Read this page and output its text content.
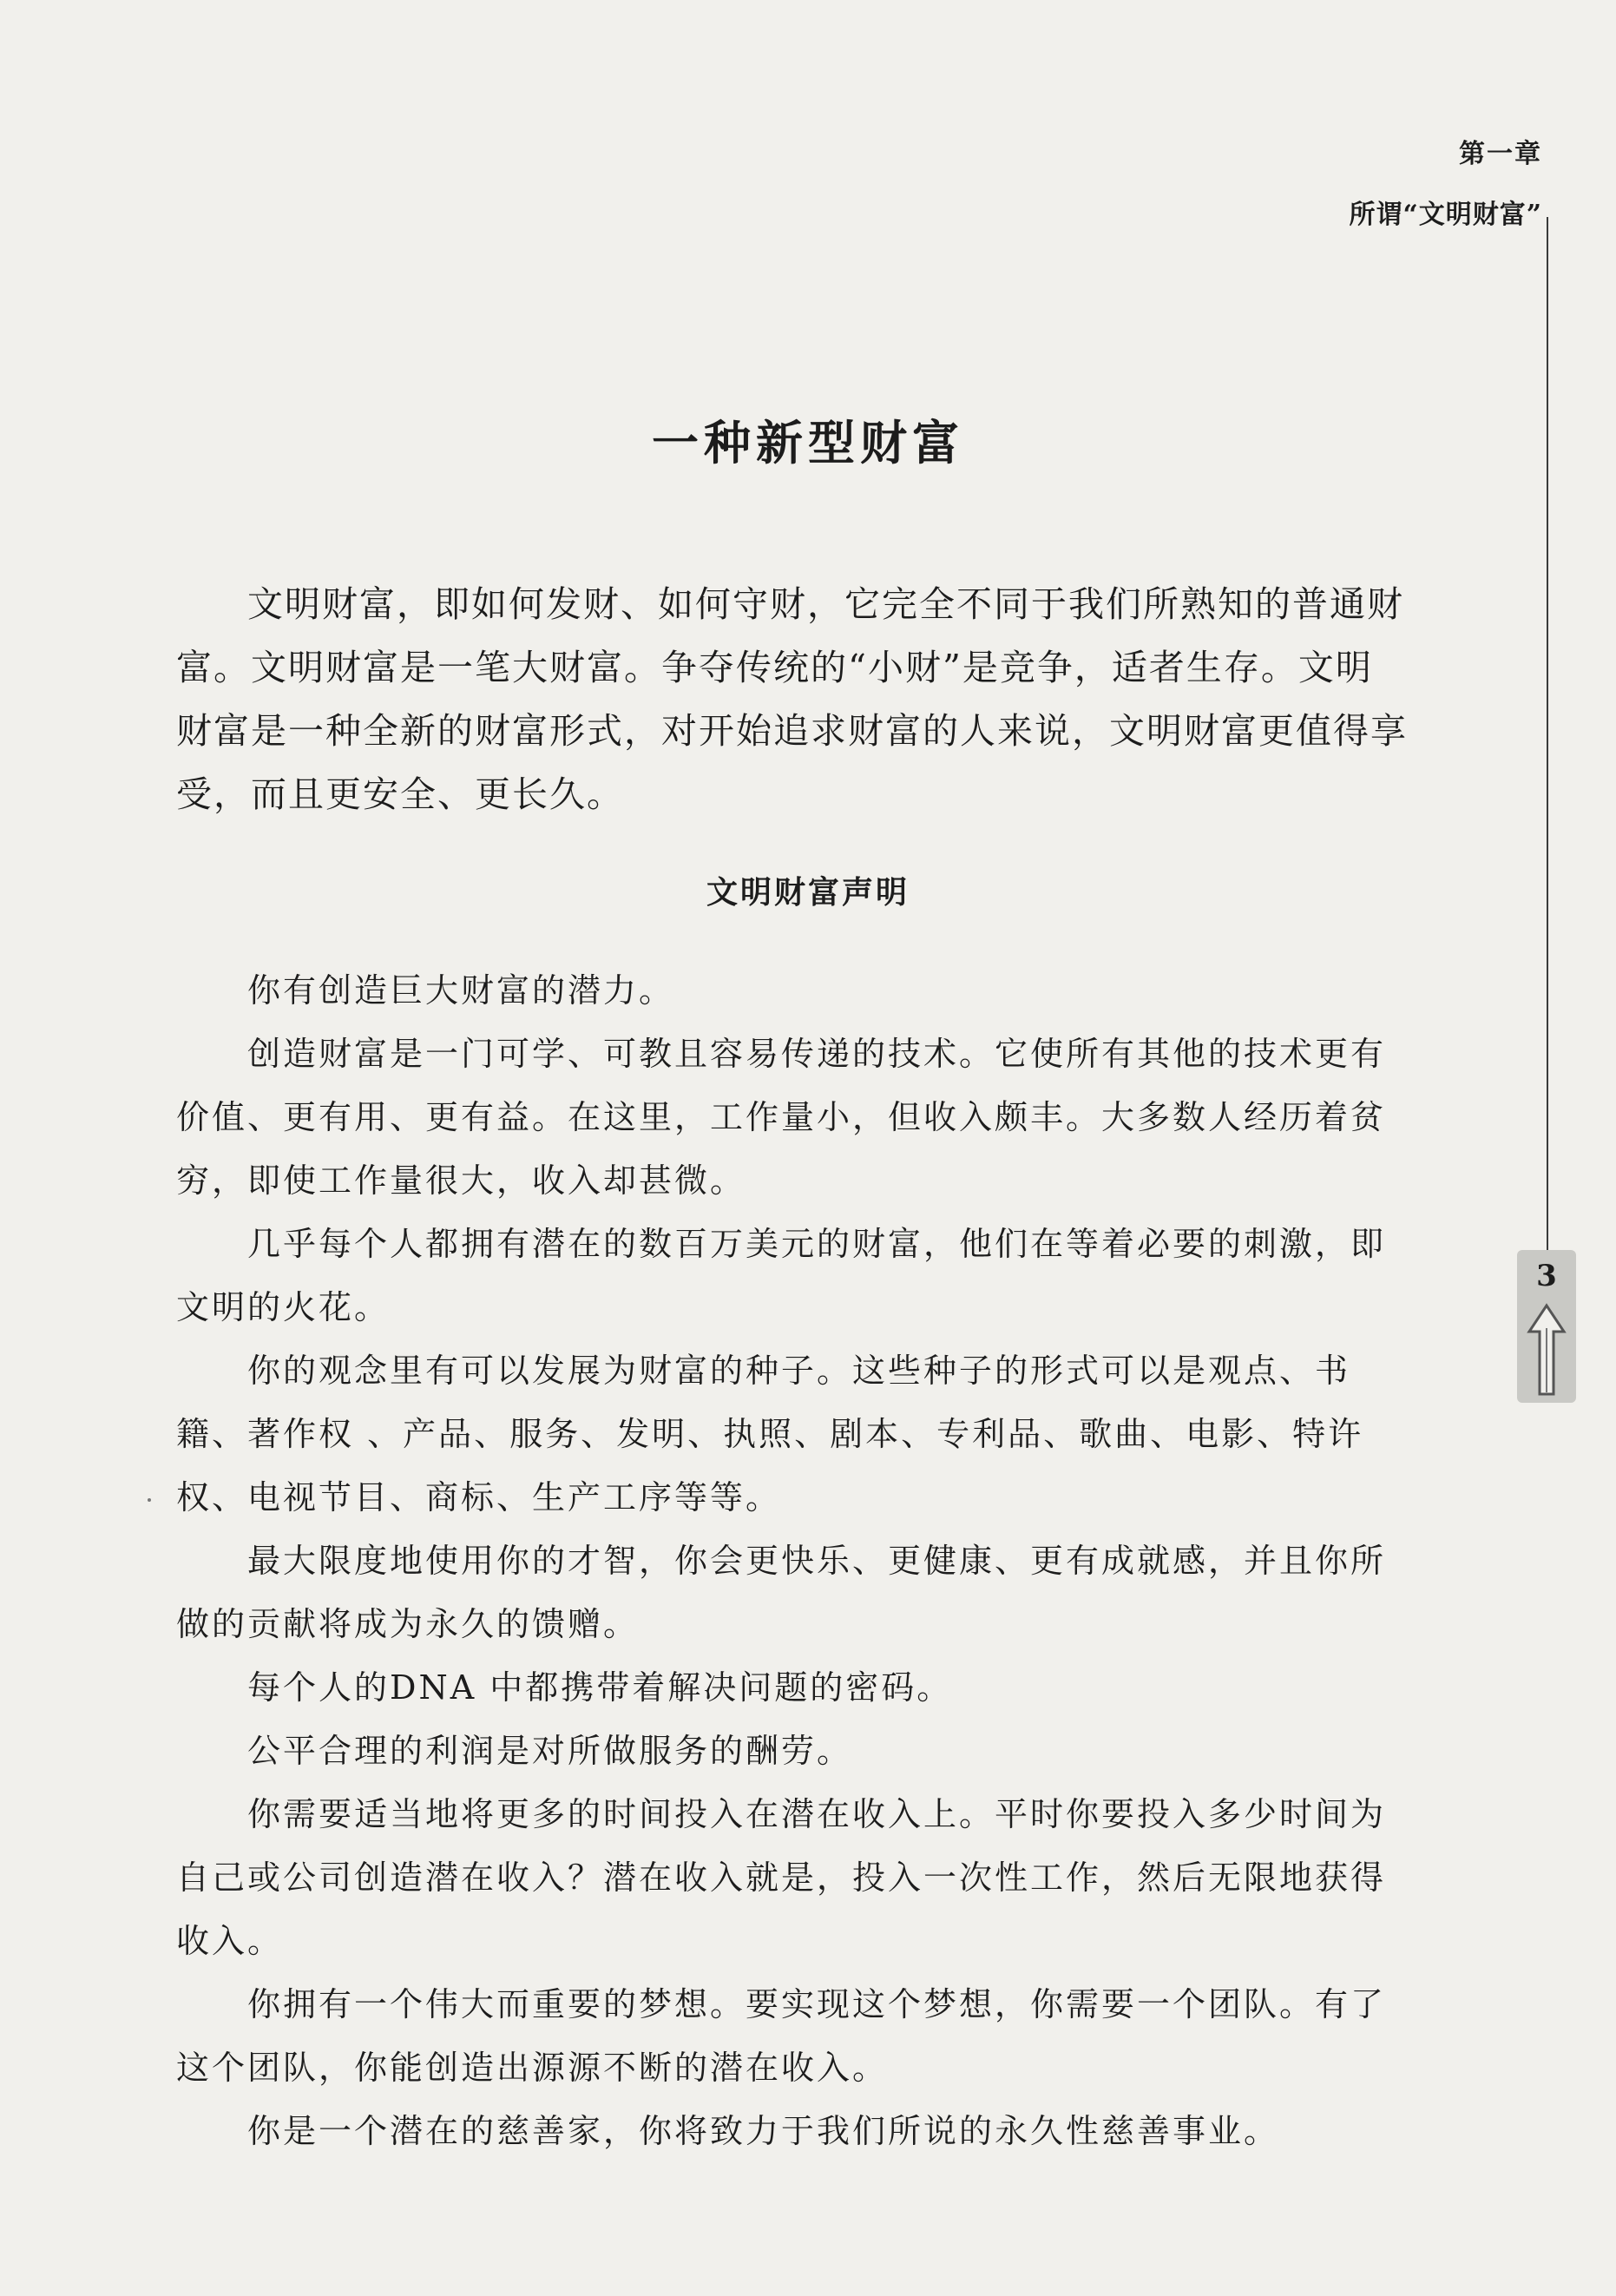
第一章
所谓“文明财富”
3
一种新型财富

文明财富，即如何发财、如何守财，它完全不同于我们所熟知的普通财富。文明财富是一笔大财富。争夺传统的“小财”是竞争，适者生存。文明财富是一种全新的财富形式，对开始追求财富的人来说，文明财富更值得享受，而且更安全、更长久。

文明财富声明

你有创造巨大财富的潜力。

创造财富是一门可学、可教且容易传递的技术。它使所有其他的技术更有价值、更有用、更有益。在这里，工作量小，但收入颇丰。大多数人经历着贫穷，即使工作量很大，收入却甚微。

几乎每个人都拥有潜在的数百万美元的财富，他们在等着必要的刺激，即文明的火花。

你的观念里有可以发展为财富的种子。这些种子的形式可以是观点、书籍、著作权 、产品、服务、发明、执照、剧本、专利品、歌曲、电影、特许权、电视节目、商标、生产工序等等。

最大限度地使用你的才智，你会更快乐、更健康、更有成就感，并且你所做的贡献将成为永久的馈赠。

每个人的DNA 中都携带着解决问题的密码。

公平合理的利润是对所做服务的酬劳。

你需要适当地将更多的时间投入在潜在收入上。平时你要投入多少时间为自己或公司创造潜在收入？潜在收入就是，投入一次性工作，然后无限地获得收入。

你拥有一个伟大而重要的梦想。要实现这个梦想，你需要一个团队。有了这个团队，你能创造出源源不断的潜在收入。

你是一个潜在的慈善家，你将致力于我们所说的永久性慈善事业。
